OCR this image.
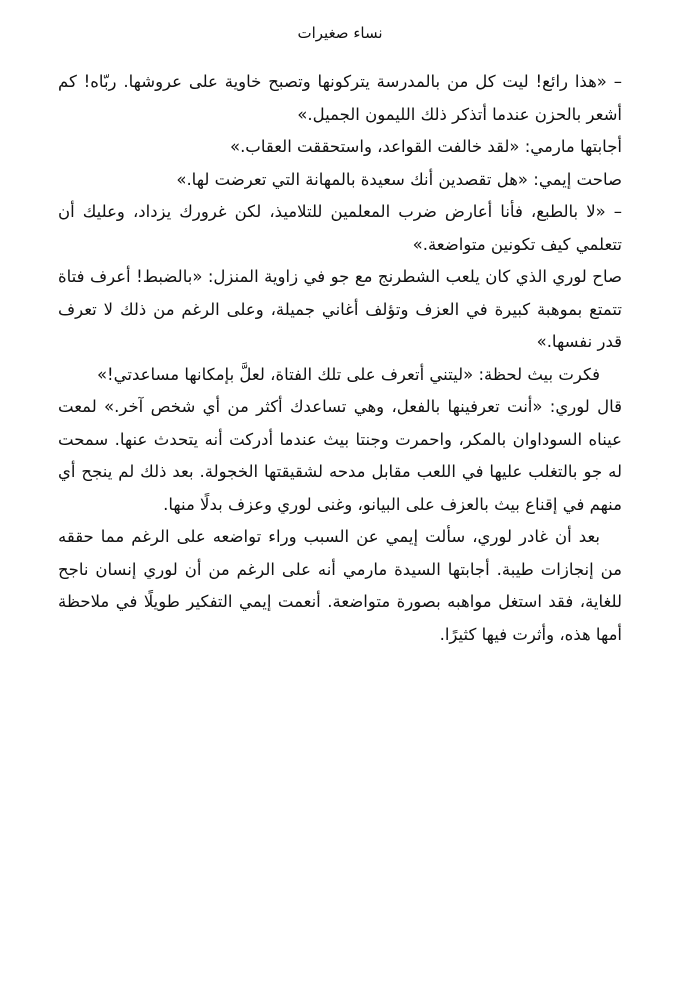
نساء صغيرات

– «هذا رائع! ليت كل من بالمدرسة يتركونها وتصبح خاوية على عروشها. ربّاه! كم أشعر بالحزن عندما أتذكر ذلك الليمون الجميل.»

أجابتها مارمي: «لقد خالفت القواعد، واستحققت العقاب.»

صاحت إيمي: «هل تقصدين أنك سعيدة بالمهانة التي تعرضت لها.»

– «لا بالطبع، فأنا أعارض ضرب المعلمين للتلاميذ، لكن غرورك يزداد، وعليك أن تتعلمي كيف تكونين متواضعة.»

صاح لوري الذي كان يلعب الشطرنج مع جو في زاوية المنزل: «بالضبط! أعرف فتاة تتمتع بموهبة كبيرة في العزف وتؤلف أغاني جميلة، وعلى الرغم من ذلك لا تعرف قدر نفسها.»

فكرت بيث لحظة: «ليتني أتعرف على تلك الفتاة، لعلَّ بإمكانها مساعدتي!»

قال لوري: «أنت تعرفينها بالفعل، وهي تساعدك أكثر من أي شخص آخر.» لمعت عيناه السوداوان بالمكر، واحمرت وجنتا بيث عندما أدركت أنه يتحدث عنها. سمحت له جو بالتغلب عليها في اللعب مقابل مدحه لشقيقتها الخجولة. بعد ذلك لم ينجح أي منهم في إقناع بيث بالعزف على البيانو، وغنى لوري وعزف بدلًا منها.

بعد أن غادر لوري، سألت إيمي عن السبب وراء تواضعه على الرغم مما حققه من إنجازات طيبة. أجابتها السيدة مارمي أنه على الرغم من أن لوري إنسان ناجح للغاية، فقد استغل مواهبه بصورة متواضعة. أنعمت إيمي التفكير طويلًا في ملاحظة أمها هذه، وأثرت فيها كثيرًا.
